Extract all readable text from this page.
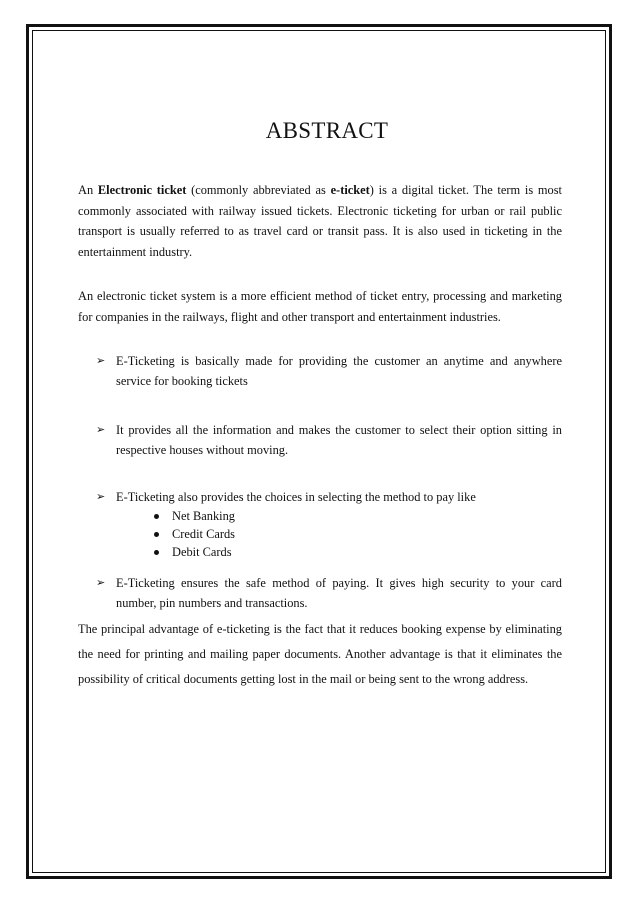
ABSTRACT

An Electronic ticket (commonly abbreviated as e-ticket) is a digital ticket. The term is most commonly associated with railway issued tickets. Electronic ticketing for urban or rail public transport is usually referred to as travel card or transit pass. It is also used in ticketing in the entertainment industry.

An electronic ticket system is a more efficient method of ticket entry, processing and marketing for companies in the railways, flight and other transport and entertainment industries.

➢ E-Ticketing is basically made for providing the customer an anytime and anywhere service for booking tickets
➢ It provides all the information and makes the customer to select their option sitting in respective houses without moving.
➢ E-Ticketing also provides the choices in selecting the method to pay like
Net Banking
Credit Cards
Debit Cards
➢ E-Ticketing ensures the safe method of paying. It gives high security to your card number, pin numbers and transactions.

The principal advantage of e-ticketing is the fact that it reduces booking expense by eliminating the need for printing and mailing paper documents. Another advantage is that it eliminates the possibility of critical documents getting lost in the mail or being sent to the wrong address.
